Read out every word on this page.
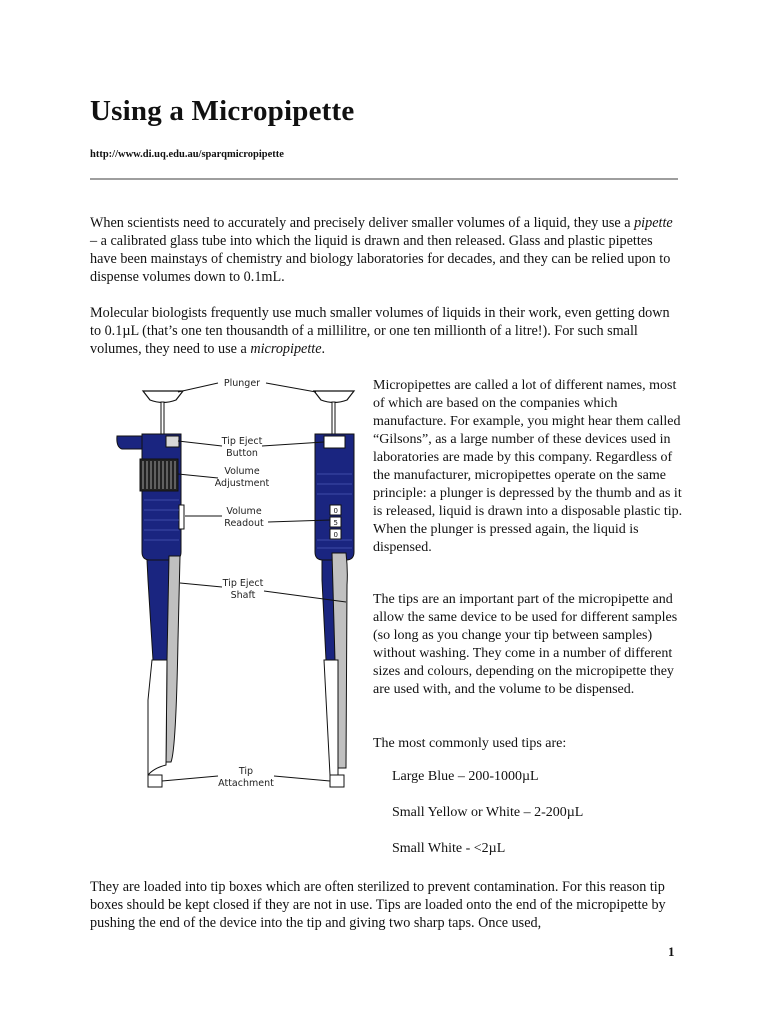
Using a Micropipette
http://www.di.uq.edu.au/sparqmicropipette

When scientists need to accurately and precisely deliver smaller volumes of a liquid, they use a pipette – a calibrated glass tube into which the liquid is drawn and then released. Glass and plastic pipettes have been mainstays of chemistry and biology laboratories for decades, and they can be relied upon to dispense volumes down to 0.1mL.

Molecular biologists frequently use much smaller volumes of liquids in their work, even getting down to 0.1µL (that’s one ten thousandth of a millilitre, or one ten millionth of a litre!). For such small volumes, they need to use a micropipette.

0
5
0
Plunger
Tip Eject
Button
Volume
Adjustment
Volume
Readout
Tip Eject
Shaft
Tip
Attachment

Micropipettes are called a lot of different names, most of which are based on the companies which manufacture. For example, you might hear them called “Gilsons”, as a large number of these devices used in laboratories are made by this company. Regardless of the manufacturer, micropipettes operate on the same principle: a plunger is depressed by the thumb and as it is released, liquid is drawn into a disposable plastic tip. When the plunger is pressed again, the liquid is dispensed.

The tips are an important part of the micropipette and allow the same device to be used for different samples (so long as you change your tip between samples) without washing. They come in a number of different sizes and colours, depending on the micropipette they are used with, and the volume to be dispensed.

The most commonly used tips are:

Large Blue – 200-1000µL
Small Yellow or White – 2-200µL
Small White - <2µL

They are loaded into tip boxes which are often sterilized to prevent contamination. For this reason tip boxes should be kept closed if they are not in use. Tips are loaded onto the end of the micropipette by pushing the end of the device into the tip and giving two sharp taps. Once used,

1
